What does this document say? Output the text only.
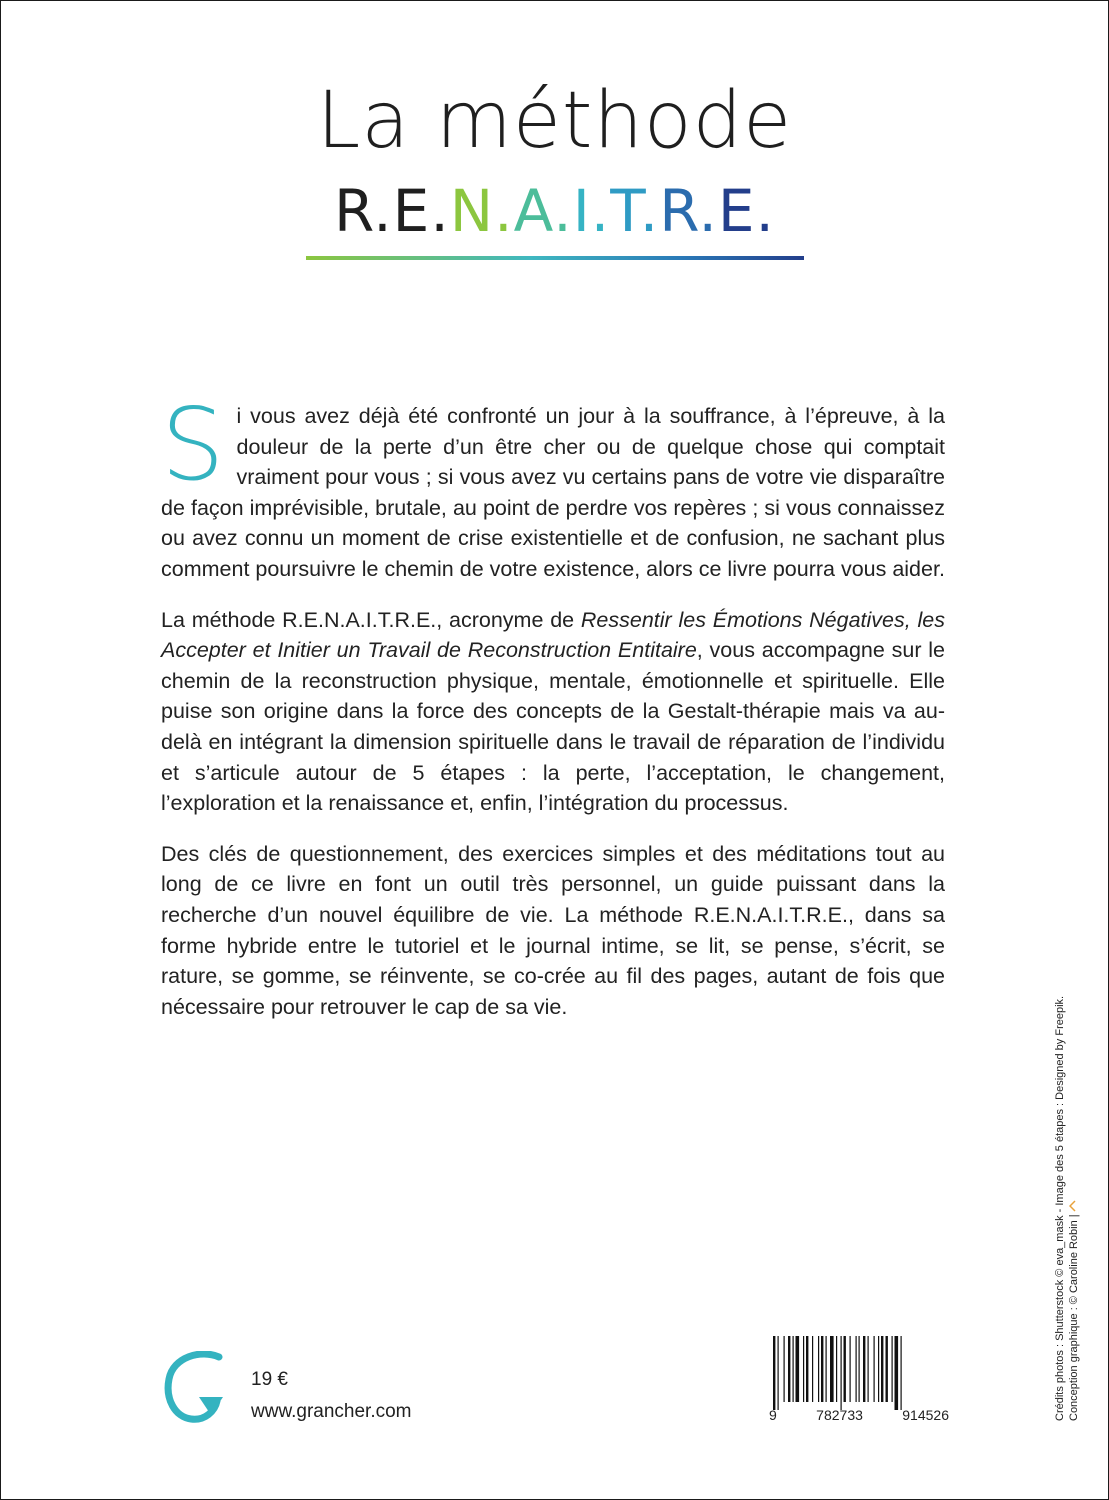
La méthode
R.E.N.A.I.T.R.E.

Si vous avez déjà été confronté un jour à la souffrance, à l’épreuve, à la douleur de la perte d’un être cher ou de quelque chose qui comptait vraiment pour vous ; si vous avez vu certains pans de votre vie disparaître de façon imprévisible, brutale, au point de perdre vos repères ; si vous connaissez ou avez connu un moment de crise existentielle et de confusion, ne sachant plus comment poursuivre le chemin de votre existence, alors ce livre pourra vous aider.

La méthode R.E.N.A.I.T.R.E., acronyme de Ressentir les Émotions Négatives, les Accepter et Initier un Travail de Reconstruction Entitaire, vous accompagne sur le chemin de la reconstruction physique, mentale, émotionnelle et spirituelle. Elle puise son origine dans la force des concepts de la Gestalt-thérapie mais va au-delà en intégrant la dimension spirituelle dans le travail de réparation de l’individu et s’articule autour de 5 étapes : la perte, l’acceptation, le changement, l’exploration et la renaissance et, enfin, l’intégration du processus.

Des clés de questionnement, des exercices simples et des méditations tout au long de ce livre en font un outil très personnel, un guide puissant dans la recherche d’un nouvel équilibre de vie. La méthode R.E.N.A.I.T.R.E., dans sa forme hybride entre le tutoriel et le journal intime, se lit, se pense, s’écrit, se rature, se gomme, se réinvente, se co-crée au fil des pages, autant de fois que nécessaire pour retrouver le cap de sa vie.

19 €
www.grancher.com	9	782733	914526	Crédits photos : Shutterstock © eva_mask - Image des 5 étapes : Designed by Freepik. Conception graphique : © Caroline Robin |
